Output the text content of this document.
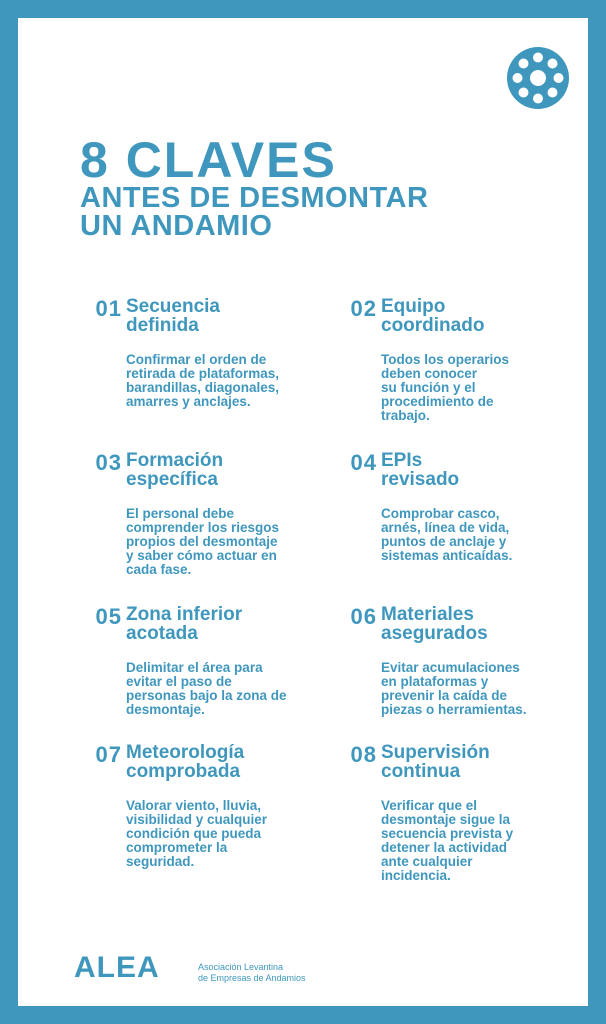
8 CLAVES
ANTES DE DESMONTAR
UN ANDAMIO
01 Secuencia
definida
Confirmar el orden de
retirada de plataformas,
barandillas, diagonales,
amarres y anclajes.
02 Equipo
coordinado
Todos los operarios
deben conocer
su función y el
procedimiento de
trabajo.
03 Formación
específica
El personal debe
comprender los riesgos
propios del desmontaje
y saber cómo actuar en
cada fase.
04 EPIs
revisado
Comprobar casco,
arnés, línea de vida,
puntos de anclaje y
sistemas anticaídas.
05 Zona inferior
acotada
Delimitar el área para
evitar el paso de
personas bajo la zona de
desmontaje.
06 Materiales
asegurados
Evitar acumulaciones
en plataformas y
prevenir la caída de
piezas o herramientas.
07 Meteorología
comprobada
Valorar viento, lluvia,
visibilidad y cualquier
condición que pueda
comprometer la
seguridad.
08 Supervisión
continua
Verificar que el
desmontaje sigue la
secuencia prevista y
detener la actividad
ante cualquier
incidencia.
ALEA	Asociación Levantina
de Empresas de Andamios
